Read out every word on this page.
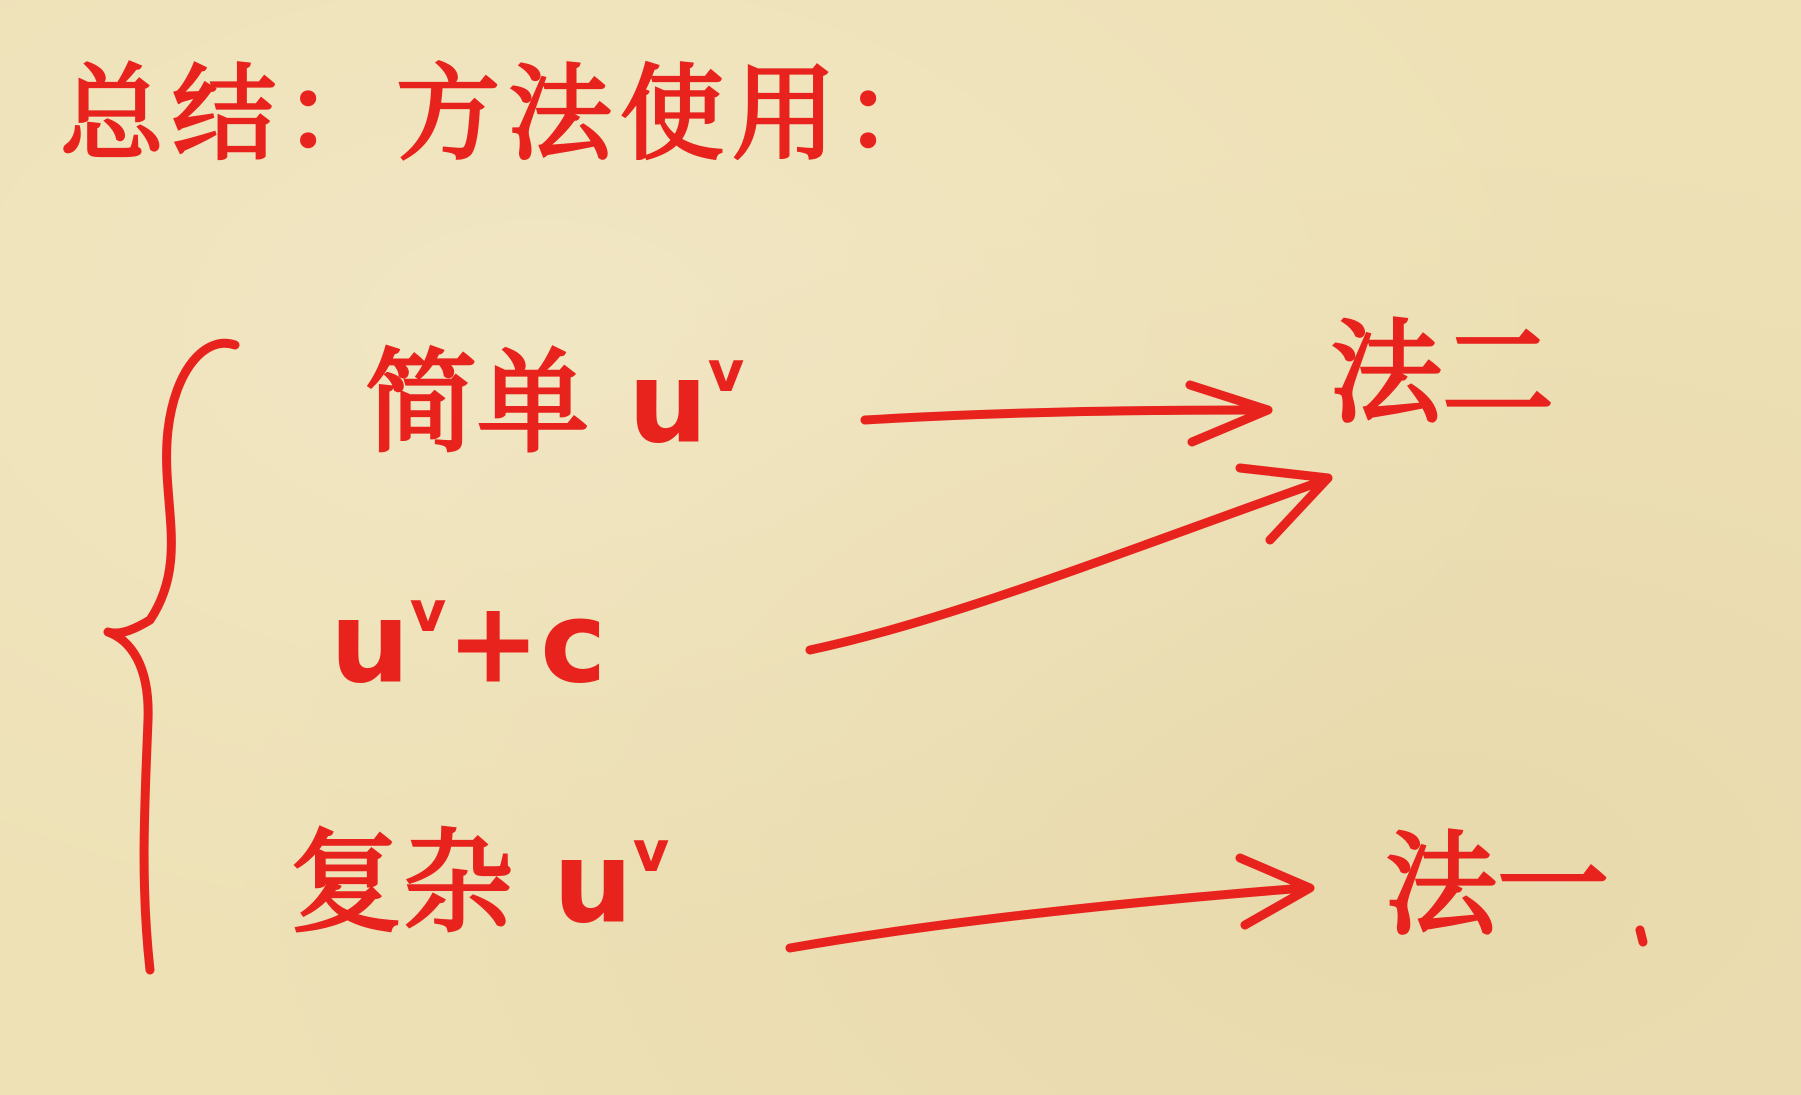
总结：方法使用：
简单 $u^v$
$u^v+c$
复杂 $u^v$
法二
法一
